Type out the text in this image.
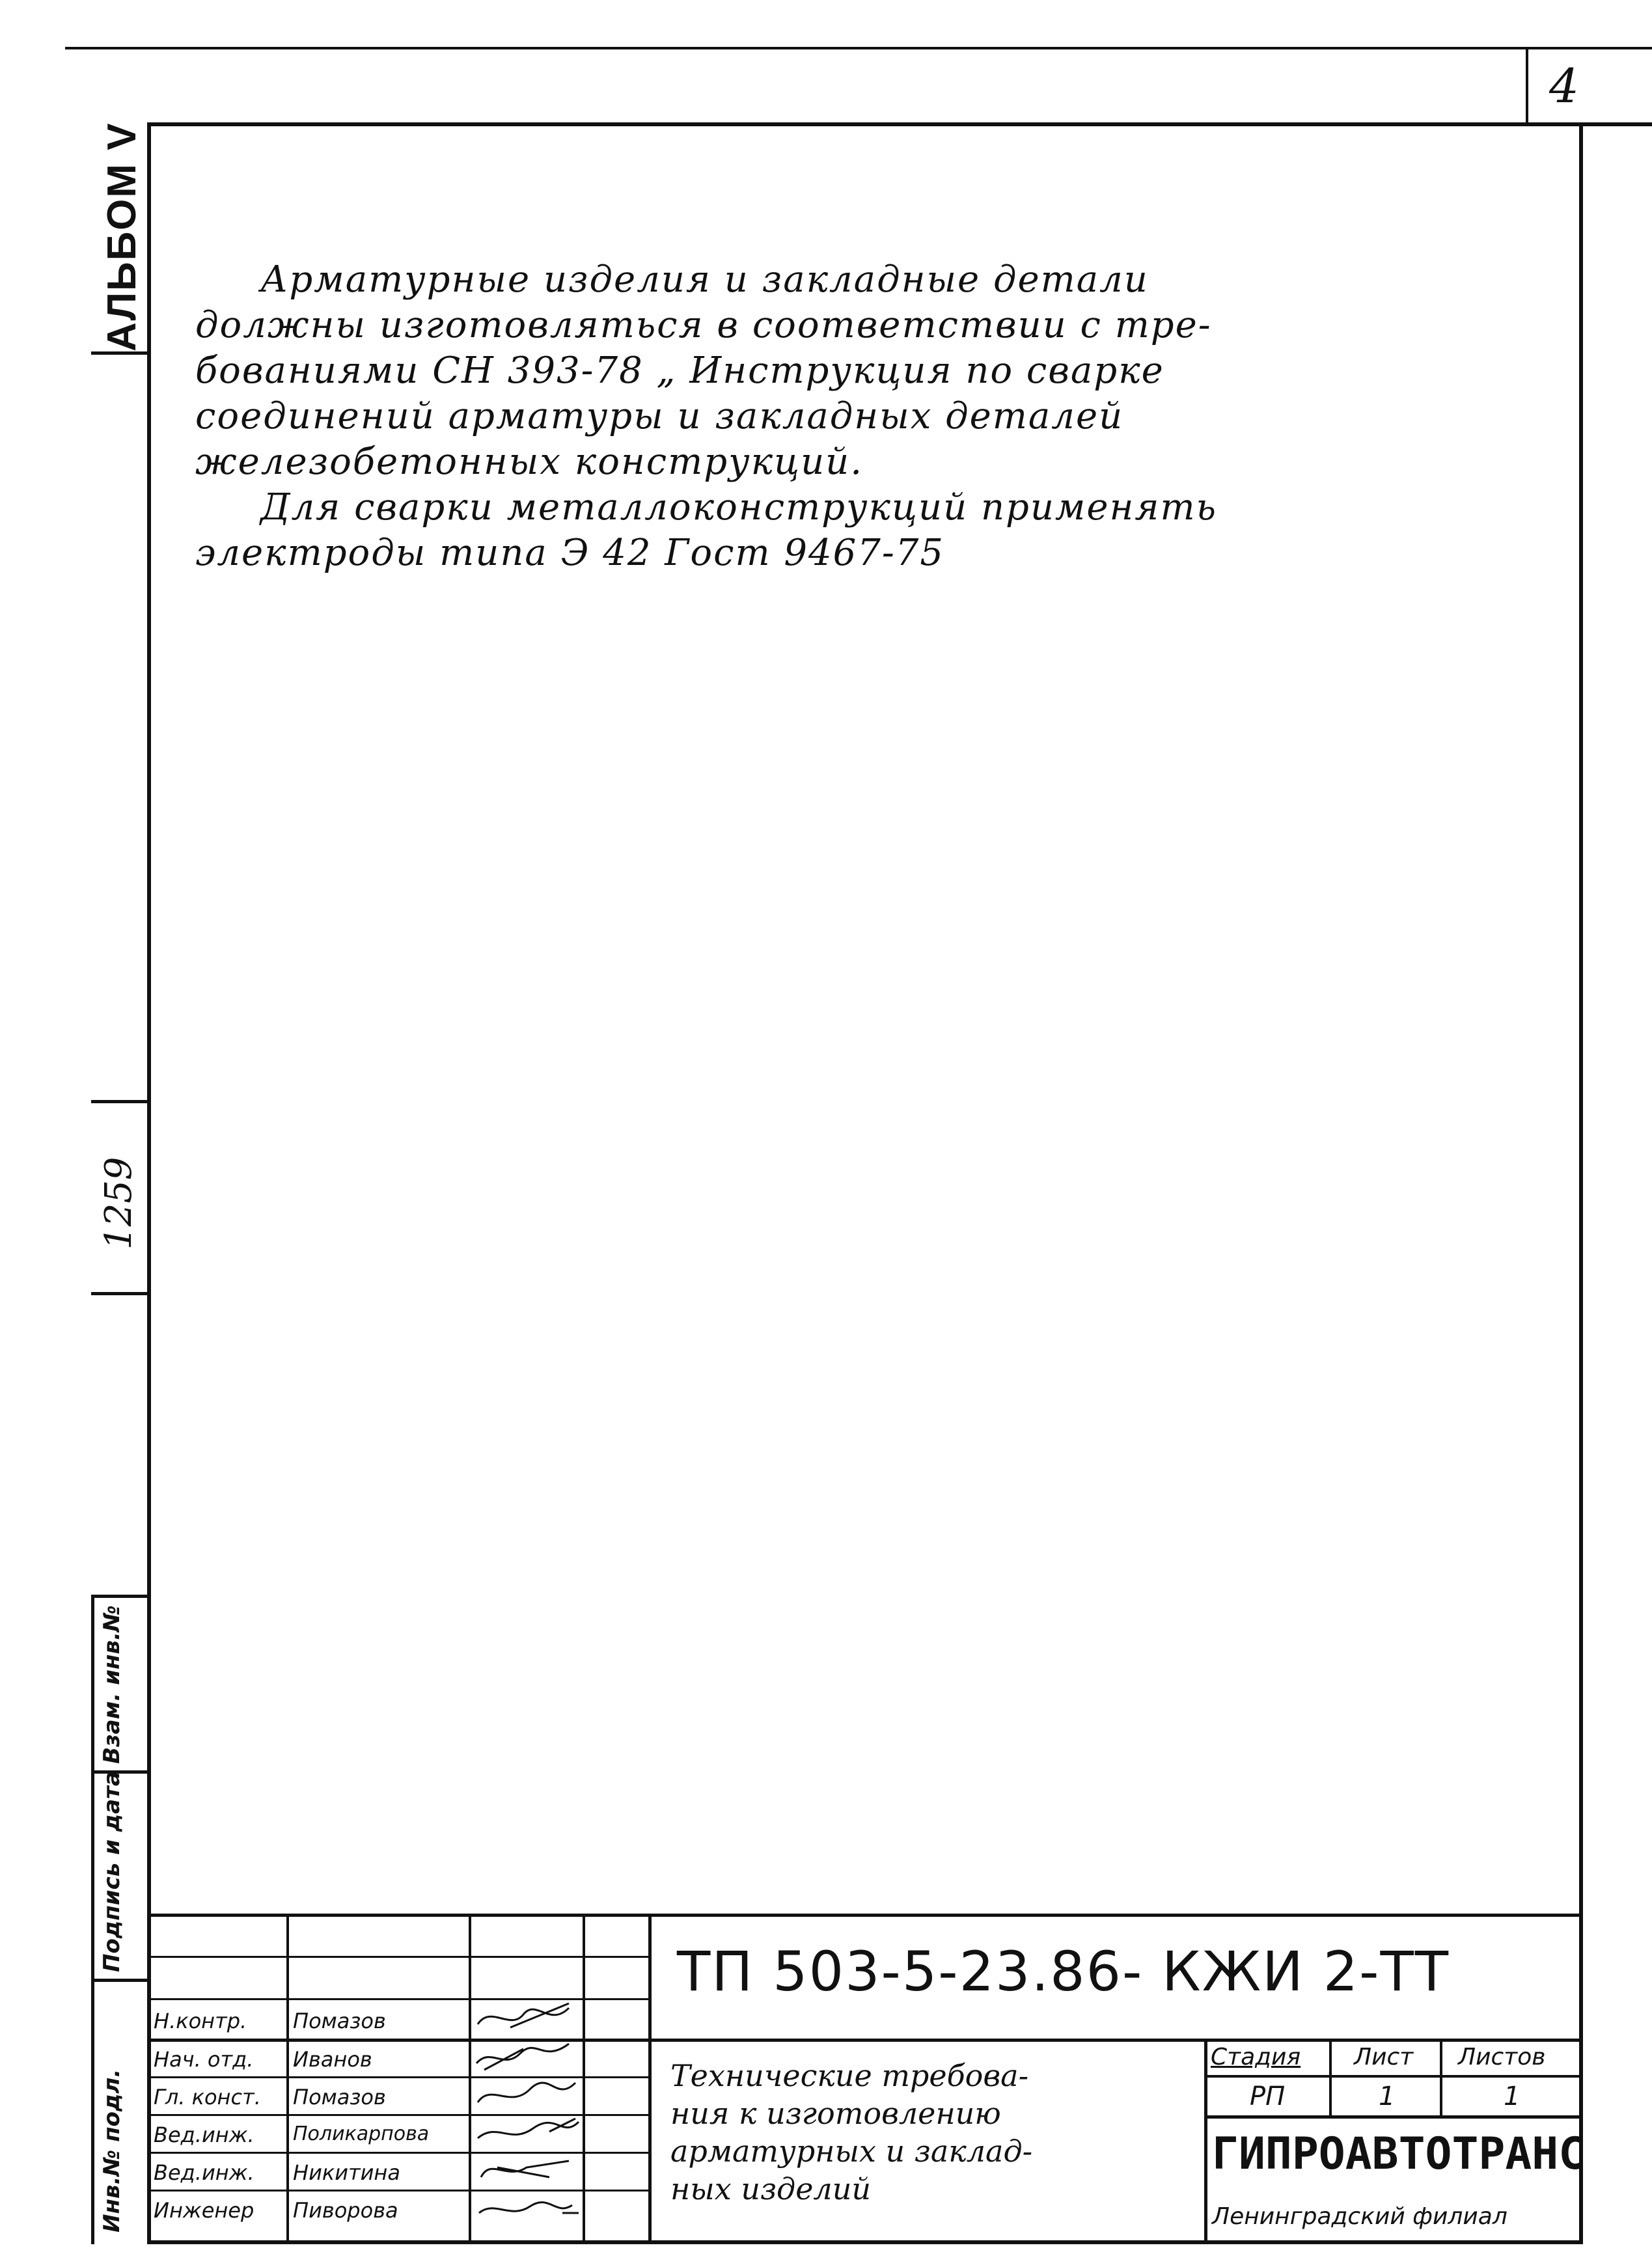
4
АЛЬБОМ V
1259
Арматурные изделия и закладные детали
должны изготовляться в соответствии с тре-
бованиями СН 393-78 „ Инструкция по сварке
соединений арматуры и закладных деталей
железобетонных конструкций.
Для сварки металлоконструкций применять
электроды типа Э 42 Гост 9467-75
Инв.№ подл.
Подпись и дата
Взам. инв.№
ТП 503-5-23.86- КЖИ 2-ТТ
Н.контр. Помазов
Нач. отд. Иванов
Гл. конст. Помазов
Вед.инж. Поликарпова
Вед.инж. Никитина
Инженер Пиворова
Технические требова-
ния к изготовлению
арматурных и заклад-
ных изделий
Стадия Лист Листов
РП	1	1
ГИПРОАВТОТРАНС
Ленинградский филиал
